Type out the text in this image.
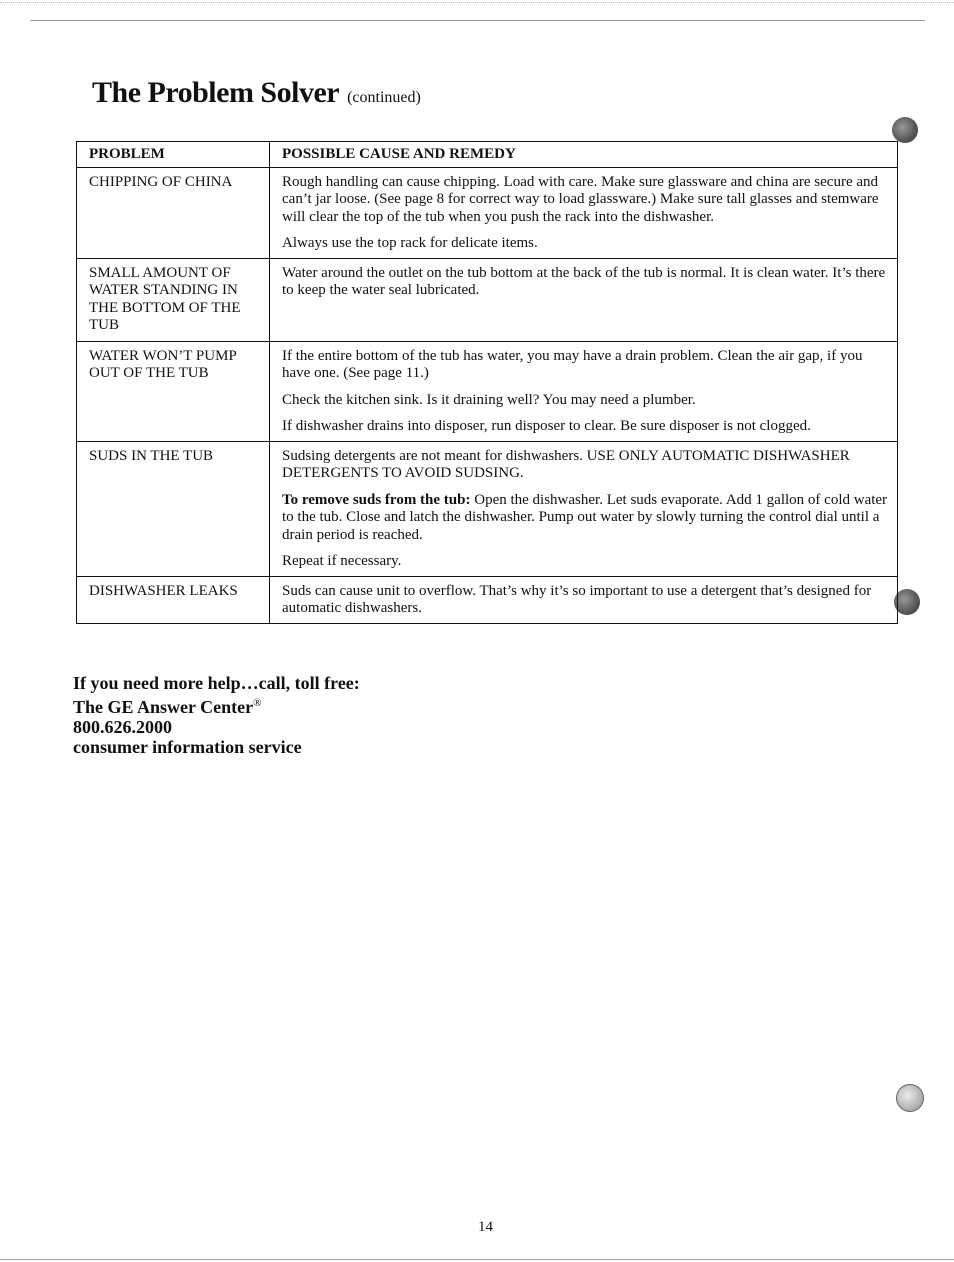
The Problem Solver (continued)
PROBLEM	POSSIBLE CAUSE AND REMEDY
CHIPPING OF CHINA	Rough handling can cause chipping. Load with care. Make sure glassware and china are secure and can’t jar loose. (See page 8 for correct way to load glassware.) Make sure tall glasses and stemware will clear the top of the tub when you push the rack into the dishwasher.

Always use the top rack for delicate items.

SMALL AMOUNT OF WATER STANDING IN THE BOTTOM OF THE TUB	Water around the outlet on the tub bottom at the back of the tub is normal. It is clean water. It’s there to keep the water seal lubricated.

WATER WON’T PUMP OUT OF THE TUB	If the entire bottom of the tub has water, you may have a drain problem. Clean the air gap, if you have one. (See page 11.)

Check the kitchen sink. Is it draining well? You may need a plumber.

If dishwasher drains into disposer, run disposer to clear. Be sure disposer is not clogged.

SUDS IN THE TUB	Sudsing detergents are not meant for dishwashers. USE ONLY AUTOMATIC DISHWASHER DETERGENTS TO AVOID SUDSING.

To remove suds from the tub: Open the dishwasher. Let suds evaporate. Add 1 gallon of cold water to the tub. Close and latch the dishwasher. Pump out water by slowly turning the control dial until a drain period is reached.

Repeat if necessary.

DISHWASHER LEAKS	Suds can cause unit to overflow. That’s why it’s so important to use a detergent that’s designed for automatic dishwashers.

If you need more help…call, toll free:
The GE Answer Center®
800.626.2000
consumer information service
14
